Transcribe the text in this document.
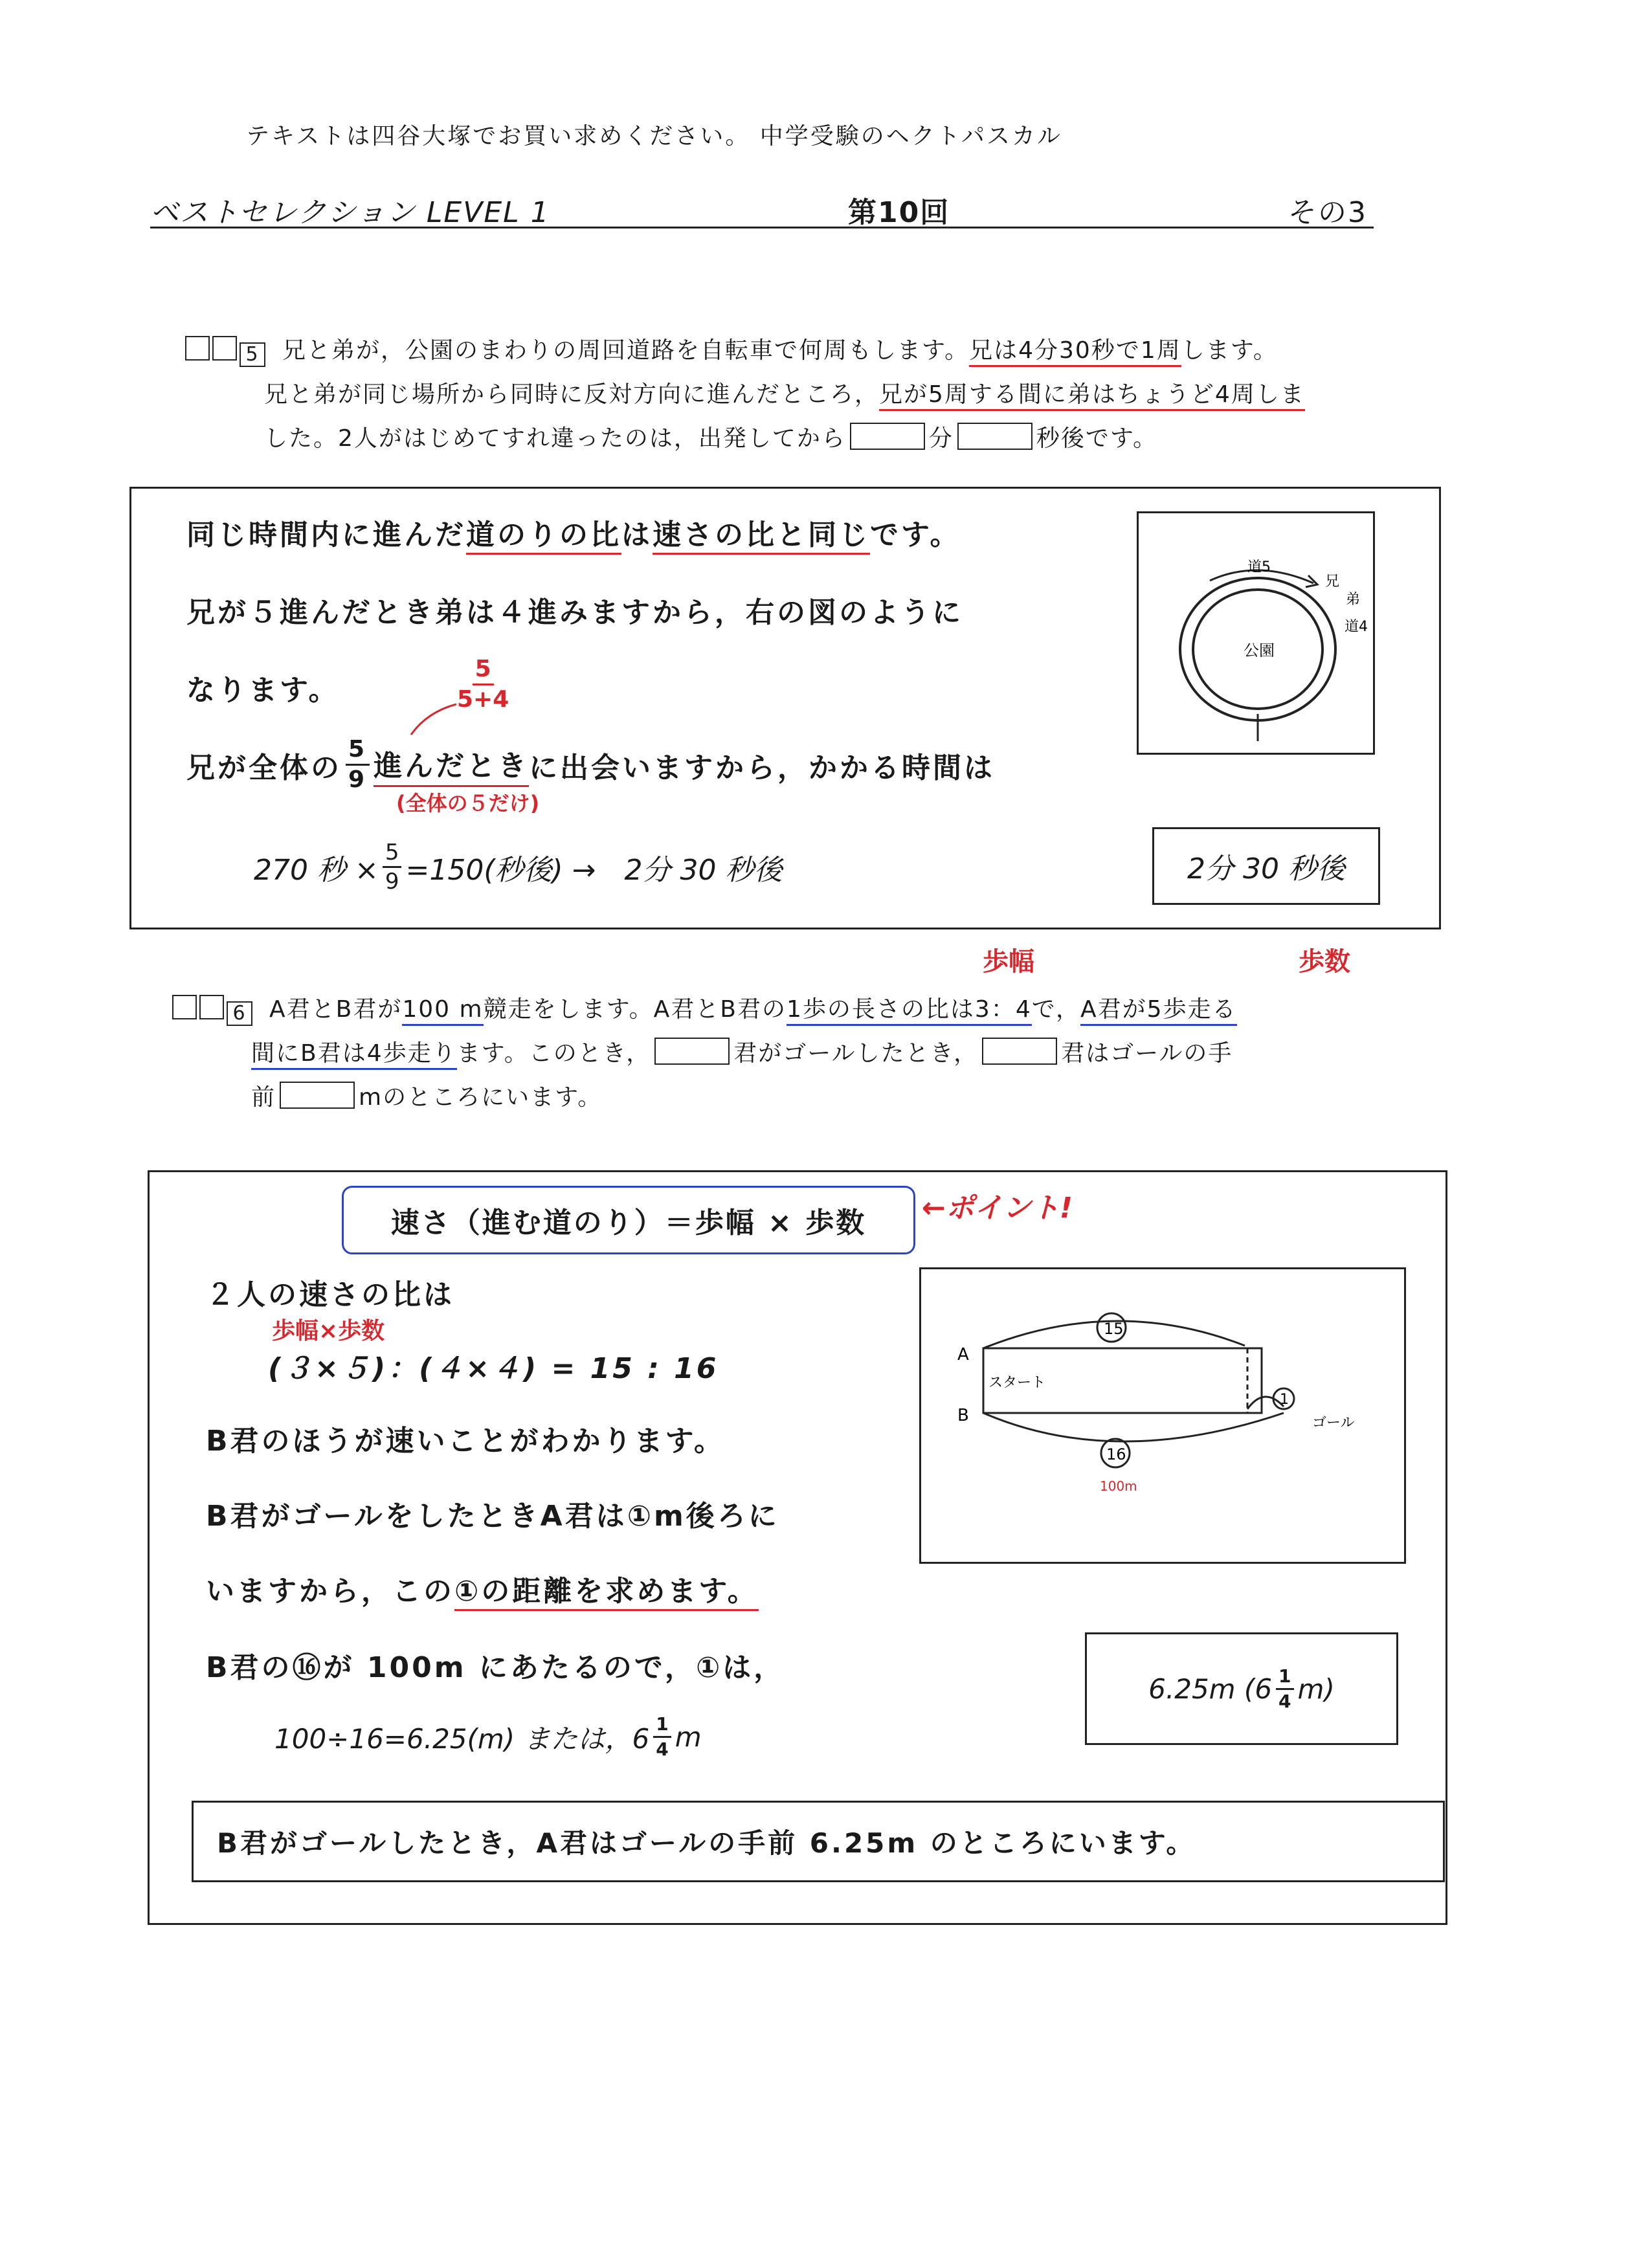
テキストは四谷大塚でお買い求めください。 中学受験のヘクトパスカル
ベストセレクション LEVEL 1	第10回	その3
5 兄と弟が，公園のまわりの周回道路を自転車で何周もします。兄は4分30秒で1周します。
兄と弟が同じ場所から同時に反対方向に進んだところ，兄が5周する間に弟はちょうど4周しま
した。2人がはじめてすれ違ったのは，出発してから	分	秒後です。
同じ時間内に進んだ道のりの比は速さの比と同じです。
兄が５進んだとき弟は４進みますから，右の図のように
なります。	$\frac{5}{5+4}$
兄が全体の $\frac{5}{9}$ 進んだとき に出会いますから，かかる時間は
(全体の５だけ)
270 秒 × $\frac{5}{9} =150$(秒後) →　2分 30 秒後	2分 30 秒後
公園
道5
兄
弟
道4
歩幅	歩数
6 A君とB君が100 m競走をします。A君とB君の1歩の長さの比は3：4で，A君が5歩走る
間にB君は4歩走ります。このとき，	君がゴールしたとき，	君はゴールの手
前	mのところにいます。
速さ（進む道のり）＝歩幅 × 歩数 ←ポイント!
２人の速さの比は
歩幅×歩数
(３×５)：(４×４) = 15 : 16
B君のほうが速いことがわかります。
B君がゴールをしたときA君は①m後ろに
いますから，この①の距離を求めます。
B君の⑯が 100m にあたるので，①は，
100÷16=6.25(m) または，$6 \frac{1}{4}$ m
6.25m $(6 \frac{1}{4} m)$
15
16
1
A
B
スタート
ゴール
100m
B君がゴールしたとき，A君はゴールの手前 6.25m のところにいます。
